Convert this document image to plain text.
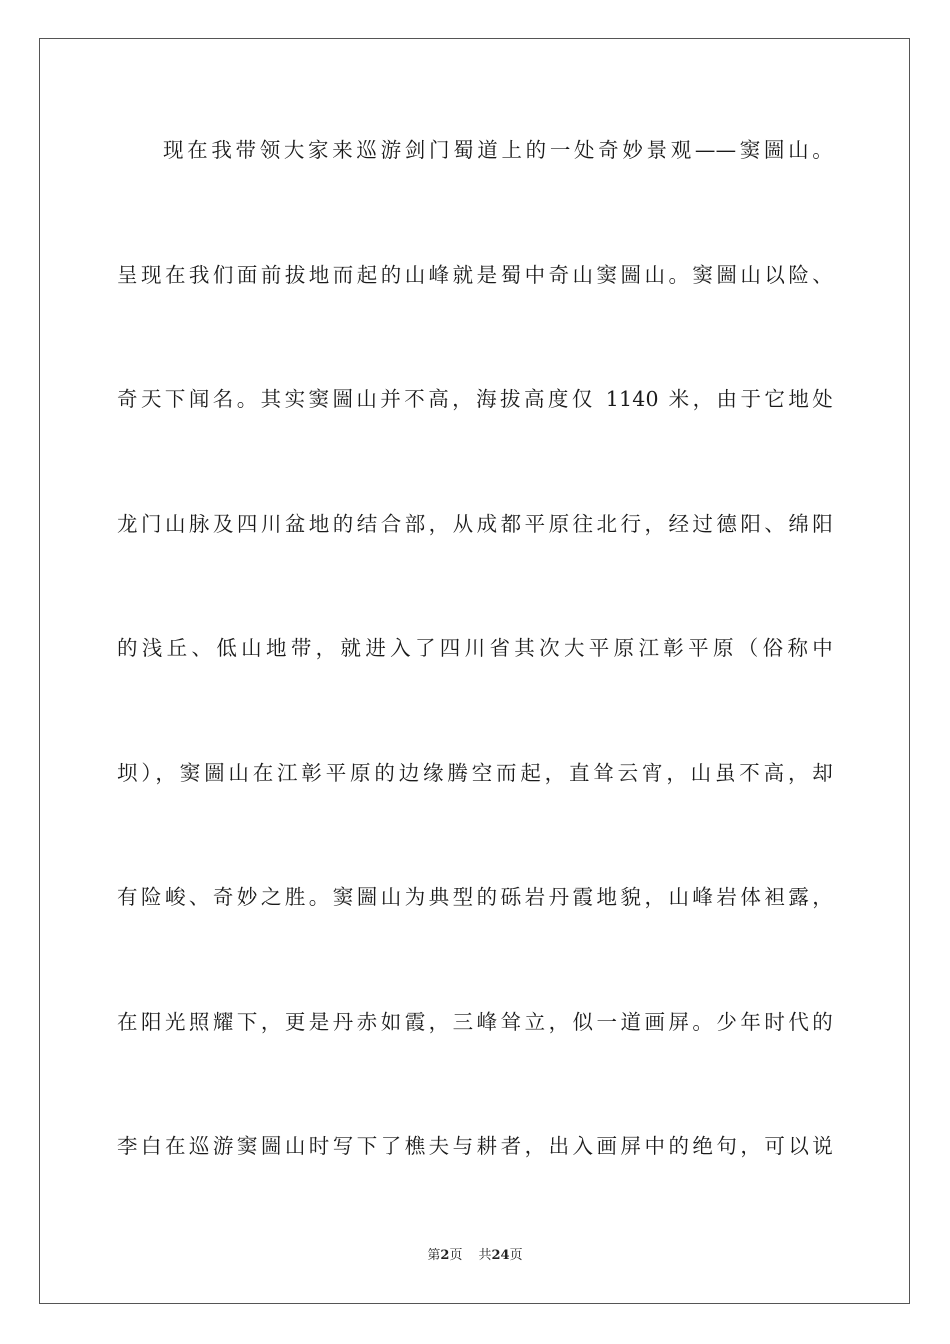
现在我带领大家来巡游剑门蜀道上的一处奇妙景观——窦圌山。
呈现在我们面前拔地而起的山峰就是蜀中奇山窦圌山。窦圌山以险、
奇天下闻名。其实窦圌山并不高，海拔高度仅 1140 米，由于它地处
龙门山脉及四川盆地的结合部，从成都平原往北行，经过德阳、绵阳
的浅丘、低山地带，就进入了四川省其次大平原江彰平原（俗称中
坝），窦圌山在江彰平原的边缘腾空而起，直耸云宵，山虽不高，却
有险峻、奇妙之胜。窦圌山为典型的砾岩丹霞地貌，山峰岩体袒露，
在阳光照耀下，更是丹赤如霞，三峰耸立，似一道画屏。少年时代的
李白在巡游窦圌山时写下了樵夫与耕者，出入画屏中的绝句，可以说
第2页 共24页
